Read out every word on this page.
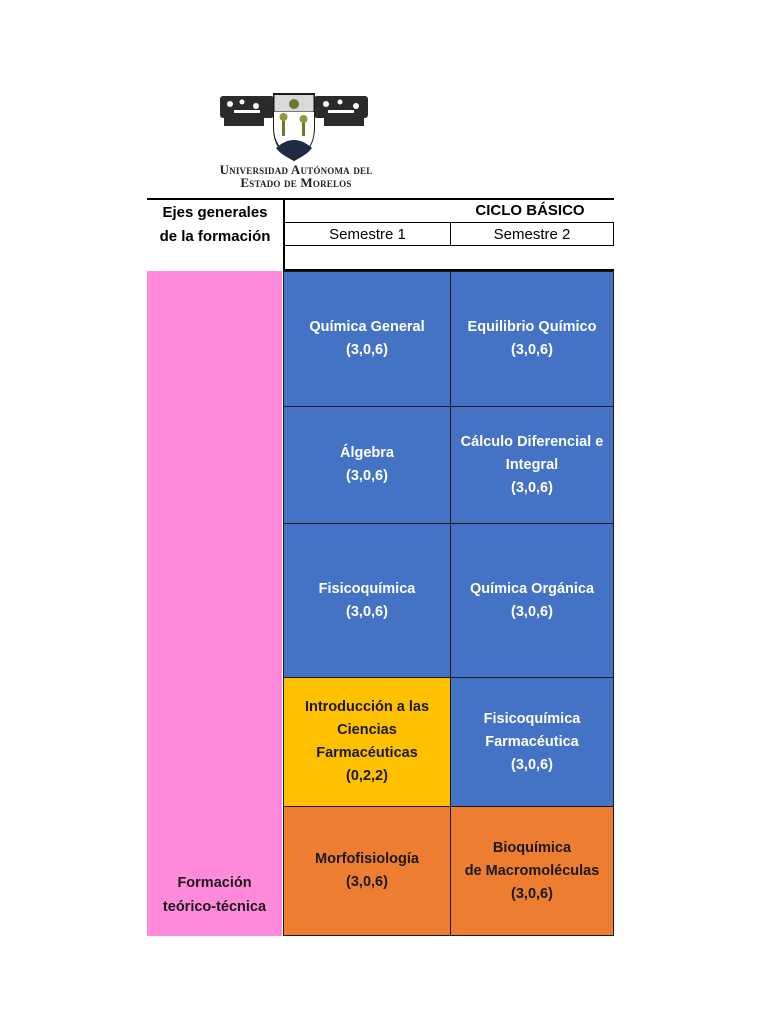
Universidad Autónoma del
Estado de Morelos
Ejes generales
de la formación
CICLO BÁSICO
Semestre 1	Semestre 2
Formación
teórico-técnica
Química General
(3,0,6)
Álgebra
(3,0,6)
Fisicoquímica
(3,0,6)
Introducción a las
Ciencias
Farmacéuticas
(0,2,2)
Morfofisiología
(3,0,6)
Equilibrio Químico
(3,0,6)
Cálculo Diferencial e
Integral
(3,0,6)
Química Orgánica
(3,0,6)
Fisicoquímica
Farmacéutica
(3,0,6)
Bioquímica
de Macromoléculas
(3,0,6)
